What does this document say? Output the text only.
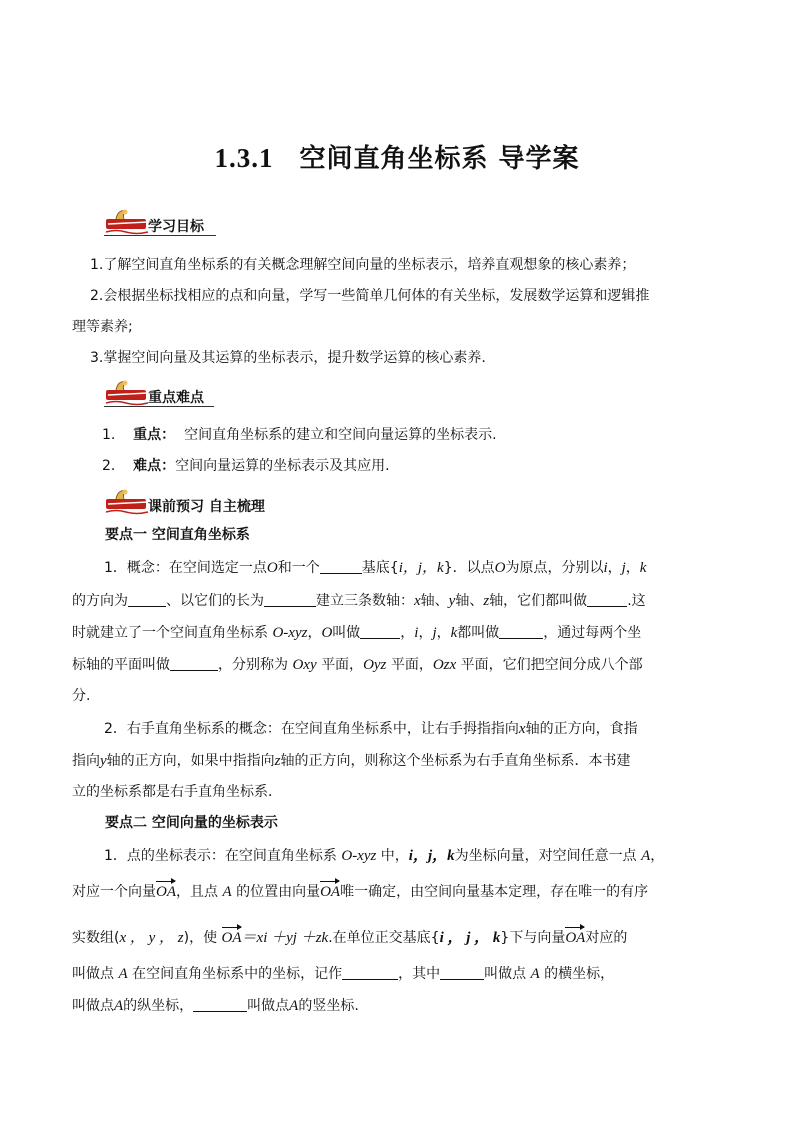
1.3.1 空间直角坐标系 导学案
学习目标
1.了解空间直角坐标系的有关概念理解空间向量的坐标表示，培养直观想象的核心素养；
2.会根据坐标找相应的点和向量，学写一些简单几何体的有关坐标，发展数学运算和逻辑推
理等素养;
3.掌握空间向量及其运算的坐标表示，提升数学运算的核心素养.
重点难点
1. 重点： 空间直角坐标系的建立和空间向量运算的坐标表示.
2. 难点：空间向量运算的坐标表示及其应用.
课前预习 自主梳理
要点一 空间直角坐标系
1．概念：在空间选定一点O和一个	基底{i，j，k}．以点O为原点，分别以i，j，k
的方向为	、以它们的长为	建立三条数轴：x轴、y轴、z轴，它们都叫做	.这
时就建立了一个空间直角坐标系 O-xyz，O叫做	，i，j，k都叫做	，通过每两个坐
标轴的平面叫做	，分别称为 Oxy 平面，Oyz 平面，Ozx 平面，它们把空间分成八个部
分.
2．右手直角坐标系的概念：在空间直角坐标系中，让右手拇指指向x轴的正方向，食指
指向y轴的正方向，如果中指指向z轴的正方向，则称这个坐标系为右手直角坐标系．本书建
立的坐标系都是右手直角坐标系．
要点二 空间向量的坐标表示
1．点的坐标表示：在空间直角坐标系 O-xyz 中，i，j，k为坐标向量，对空间任意一点 A，
对应一个向量OA，且点 A 的位置由向量OA唯一确定，由空间向量基本定理，存在唯一的有序
实数组(x ， y ， z)，使 OA＝xi ＋yj ＋zk.在单位正交基底{i ， j ， k}下与向量OA对应的
叫做点 A 在空间直角坐标系中的坐标，记作	，其中	叫做点 A 的横坐标，
叫做点A的纵坐标，	叫做点A的竖坐标.
